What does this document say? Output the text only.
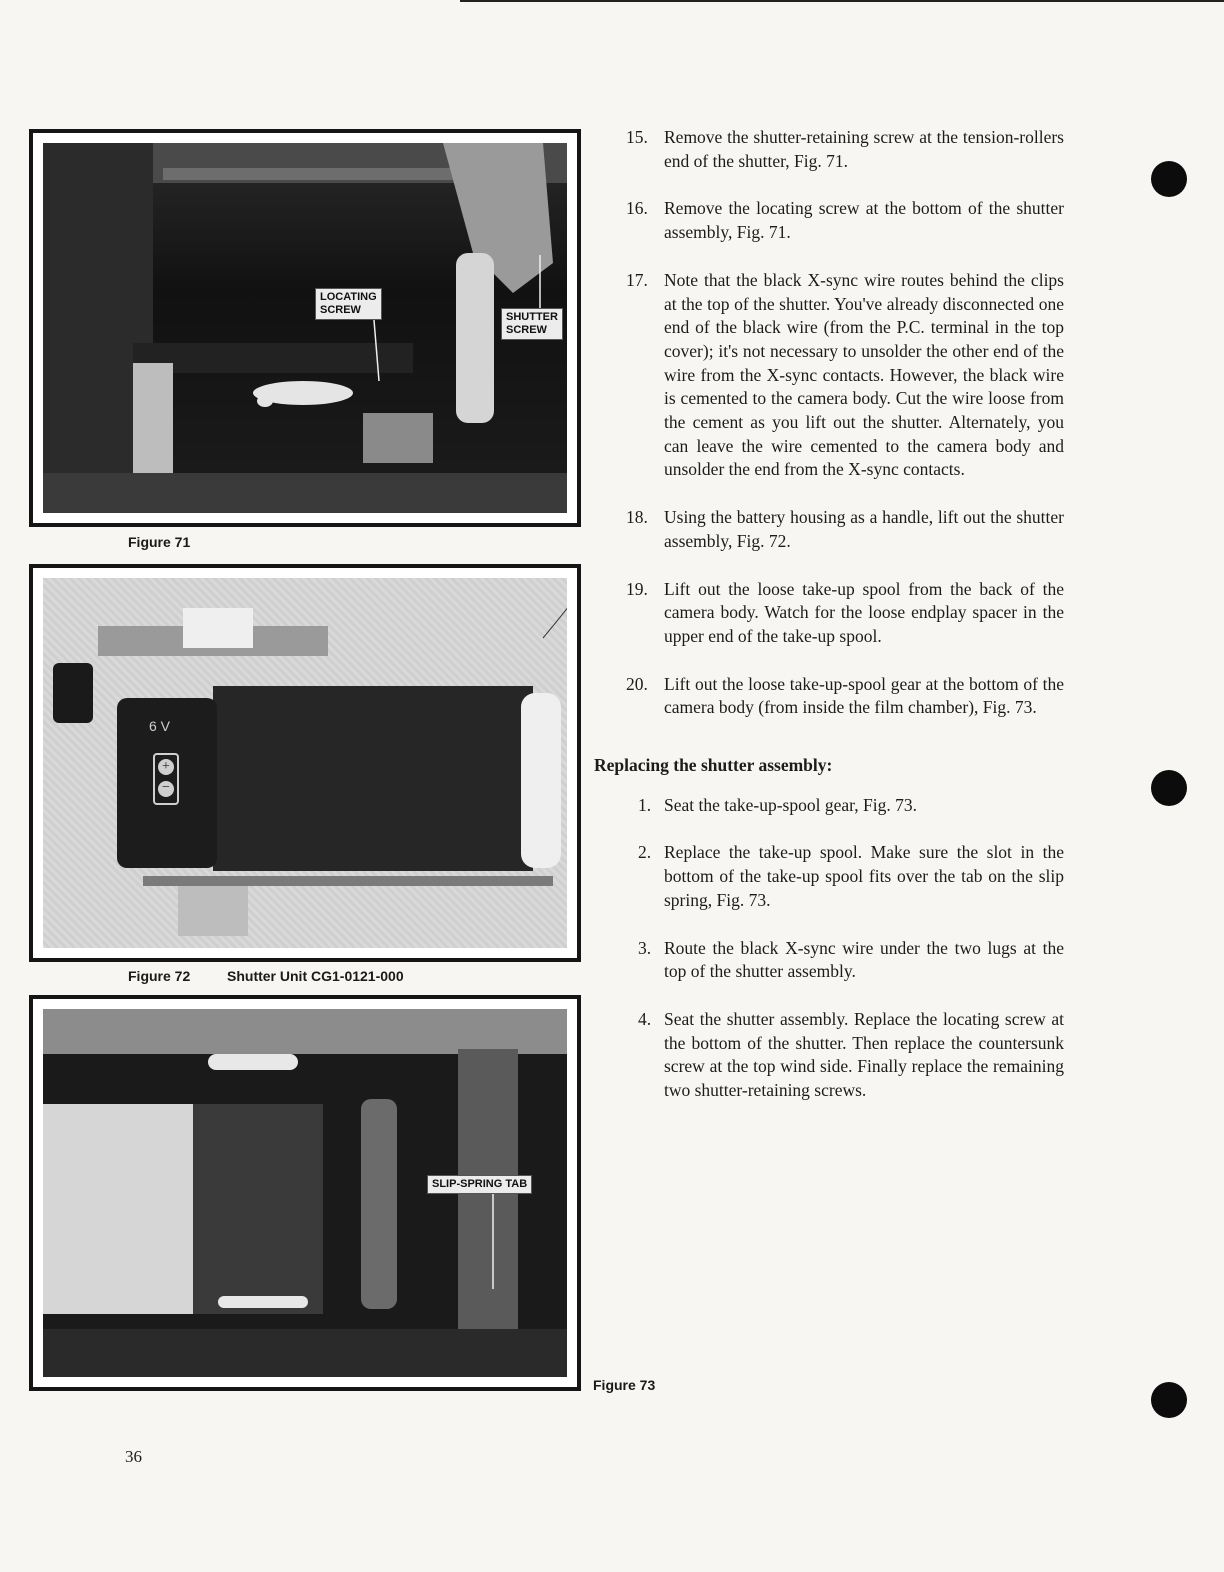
LOCATING
SCREW
SHUTTER
SCREW
Figure 71
6 V
+
−
Figure 72	Shutter Unit CG1-0121-000
SLIP-SPRING TAB
Figure 73

15. Remove the shutter-retaining screw at the tension-rollers end of the shutter, Fig. 71.

16. Remove the locating screw at the bottom of the shutter assembly, Fig. 71.

17. Note that the black X-sync wire routes behind the clips at the top of the shutter. You've already disconnected one end of the black wire (from the P.C. terminal in the top cover); it's not necessary to unsolder the other end of the wire from the X-sync contacts. However, the black wire is cemented to the camera body. Cut the wire loose from the cement as you lift out the shutter. Alternately, you can leave the wire cemented to the camera body and unsolder the end from the X-sync contacts.

18. Using the battery housing as a handle, lift out the shutter assembly, Fig. 72.

19. Lift out the loose take-up spool from the back of the camera body. Watch for the loose endplay spacer in the upper end of the take-up spool.

20. Lift out the loose take-up-spool gear at the bottom of the camera body (from inside the film chamber), Fig. 73.

Replacing the shutter assembly:

1. Seat the take-up-spool gear, Fig. 73.

2. Replace the take-up spool. Make sure the slot in the bottom of the take-up spool fits over the tab on the slip spring, Fig. 73.

3. Route the black X-sync wire under the two lugs at the top of the shutter assembly.

4. Seat the shutter assembly. Replace the locating screw at the bottom of the shutter. Then replace the countersunk screw at the top wind side. Finally replace the remaining two shutter-retaining screws.

36
